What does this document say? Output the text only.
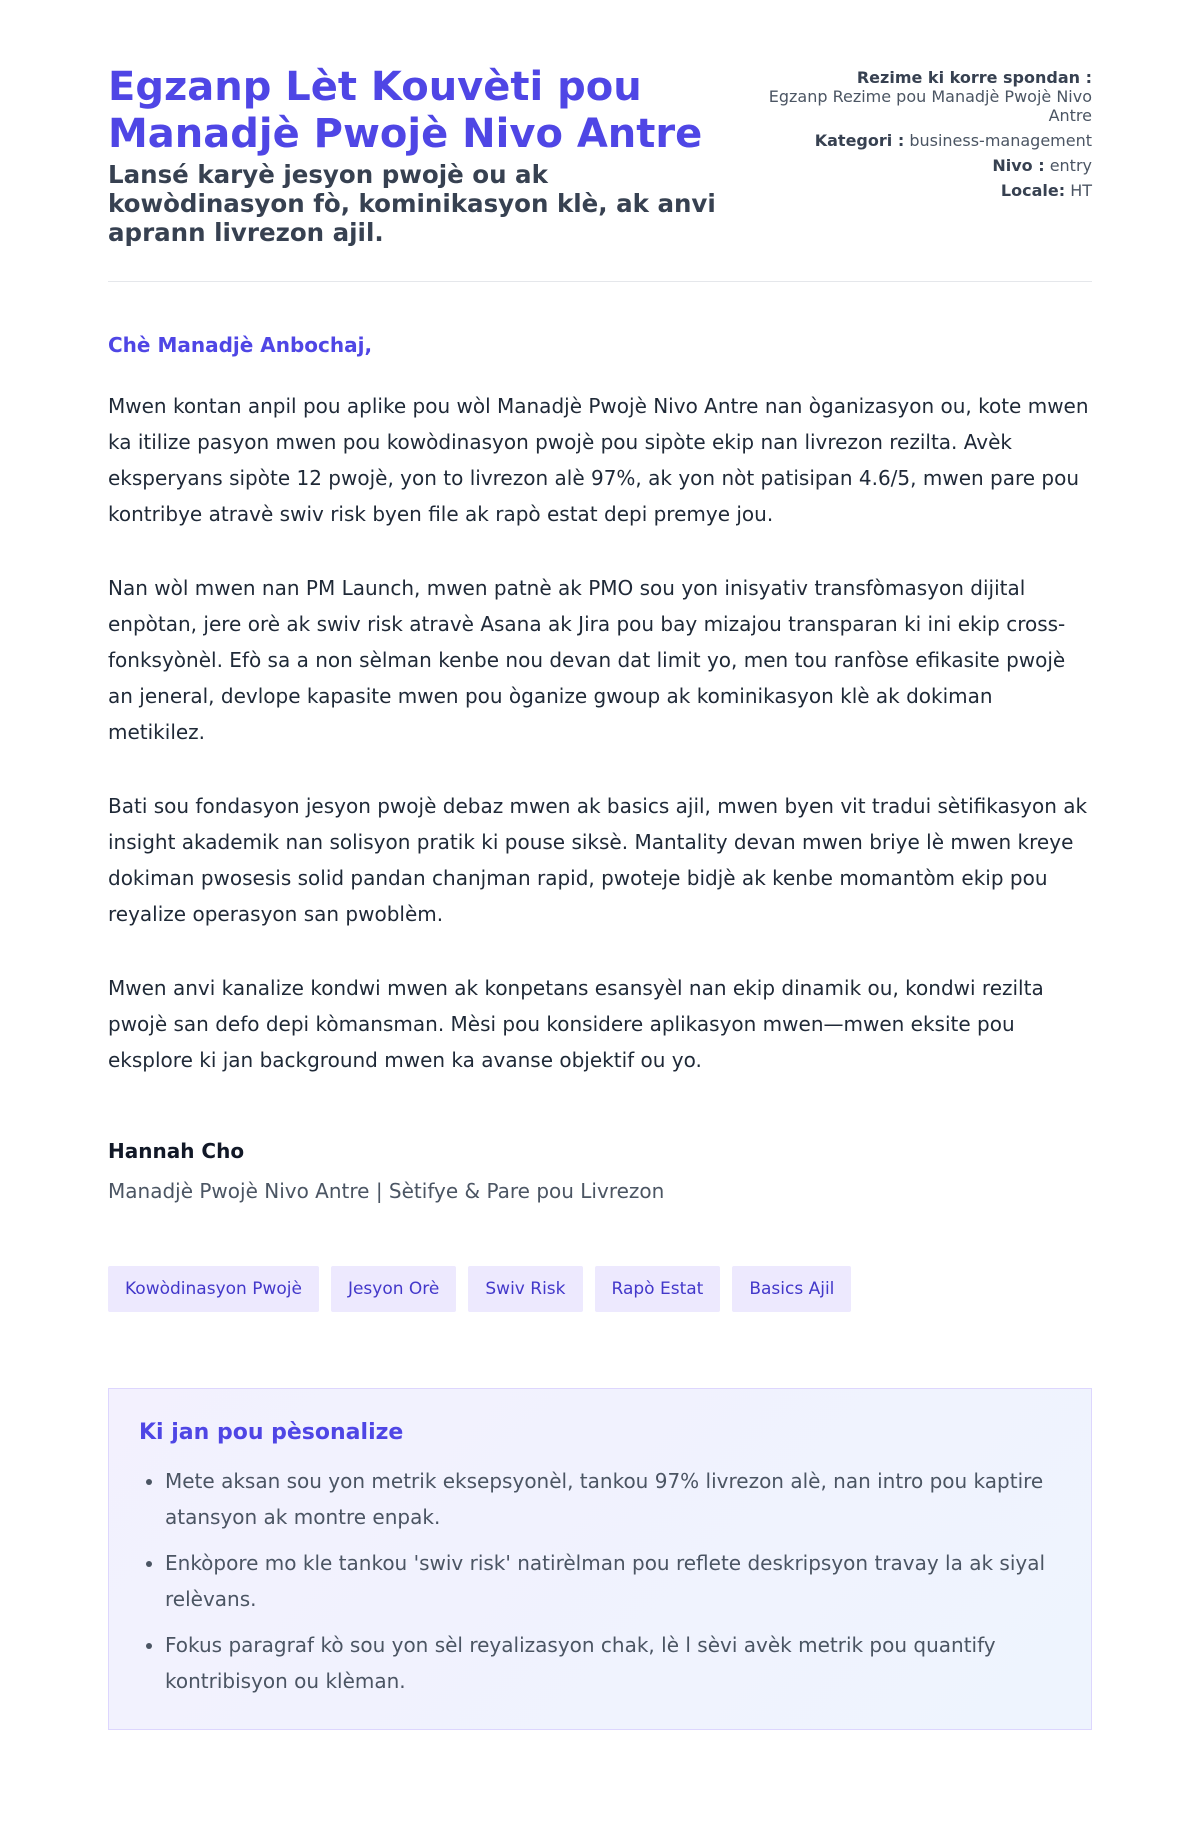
Egzanp Lèt Kouvèti pou Manadjè Pwojè Nivo Antre
Lansé karyè jesyon pwojè ou ak kowòdinasyon fò, kominikasyon klè, ak anvi aprann livrezon ajil.
Rezime ki korre spondan :
Egzanp Rezime pou Manadjè Pwojè Nivo Antre
Kategori : business-management
Nivo : entry
Locale: HT

Chè Manadjè Anbochaj,

Mwen kontan anpil pou aplike pou wòl Manadjè Pwojè Nivo Antre nan òganizasyon ou, kote mwen ka itilize pasyon mwen pou kowòdinasyon pwojè pou sipòte ekip nan livrezon rezilta. Avèk eksperyans sipòte 12 pwojè, yon to livrezon alè 97%, ak yon nòt patisipan 4.6/5, mwen pare pou kontribye atravè swiv risk byen file ak rapò estat depi premye jou.

Nan wòl mwen nan PM Launch, mwen patnè ak PMO sou yon inisyativ transfòmasyon dijital enpòtan, jere orè ak swiv risk atravè Asana ak Jira pou bay mizajou transparan ki ini ekip cross-fonksyònèl. Efò sa a non sèlman kenbe nou devan dat limit yo, men tou ranfòse efikasite pwojè an jeneral, devlope kapasite mwen pou òganize gwoup ak kominikasyon klè ak dokiman metikilez.

Bati sou fondasyon jesyon pwojè debaz mwen ak basics ajil, mwen byen vit tradui sètifikasyon ak insight akademik nan solisyon pratik ki pouse siksè. Mantality devan mwen briye lè mwen kreye dokiman pwosesis solid pandan chanjman rapid, pwoteje bidjè ak kenbe momantòm ekip pou reyalize operasyon san pwoblèm.

Mwen anvi kanalize kondwi mwen ak konpetans esansyèl nan ekip dinamik ou, kondwi rezilta pwojè san defo depi kòmansman. Mèsi pou konsidere aplikasyon mwen—mwen eksite pou eksplore ki jan background mwen ka avanse objektif ou yo.

Hannah Cho
Manadjè Pwojè Nivo Antre | Sètifye & Pare pou Livrezon
Kowòdinasyon Pwojè	Jesyon Orè	Swiv Risk	Rapò Estat	Basics Ajil
Ki jan pou pèsonalize
• Mete aksan sou yon metrik eksepsyonèl, tankou 97% livrezon alè, nan intro pou kaptire atansyon ak montre enpak.
• Enkòpore mo kle tankou 'swiv risk' natirèlman pou reflete deskripsyon travay la ak siyal relèvans.
• Fokus paragraf kò sou yon sèl reyalizasyon chak, lè l sèvi avèk metrik pou quantify kontribisyon ou klèman.
